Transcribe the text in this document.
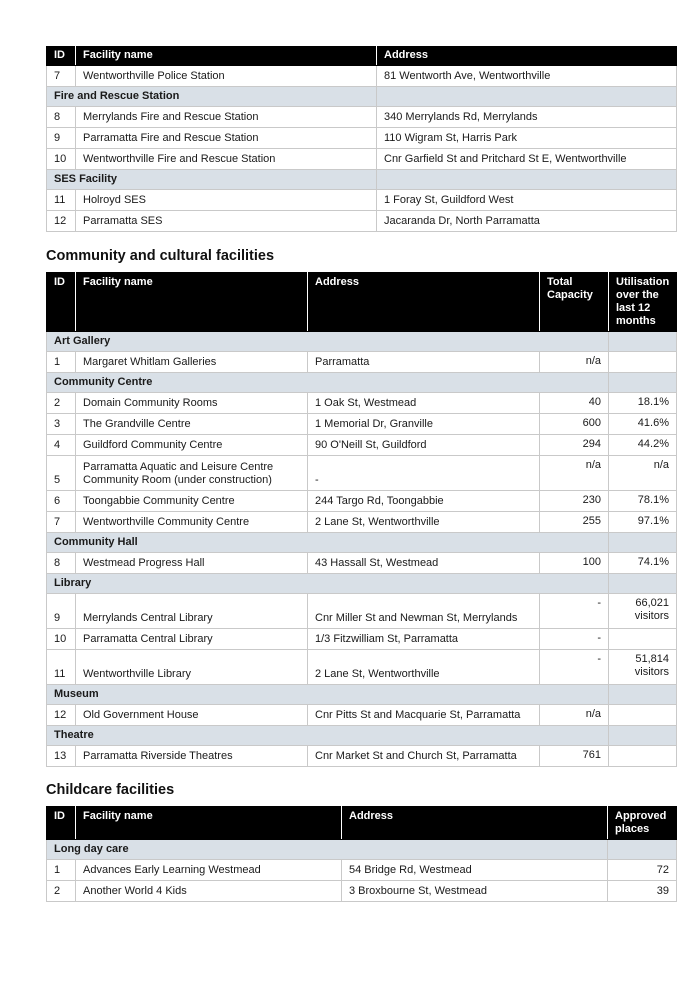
ID	Facility name	Address
7	Wentworthville Police Station	81 Wentworth Ave, Wentworthville
Fire and Rescue Station		
8	Merrylands Fire and Rescue Station	340 Merrylands Rd, Merrylands
9	Parramatta Fire and Rescue Station	110 Wigram St, Harris Park
10	Wentworthville Fire and Rescue Station	Cnr Garfield St and Pritchard St E, Wentworthville
SES Facility		
11	Holroyd SES	1 Foray St, Guildford West
12	Parramatta SES	Jacaranda Dr, North Parramatta
Community and cultural facilities
ID	Facility name	Address	Total Capacity	Utilisation over the last 12 months
Art Gallery				
1	Margaret Whitlam Galleries	Parramatta	n/a	
Community Centre				
2	Domain Community Rooms	1 Oak St, Westmead	40	18.1%
3	The Grandville Centre	1 Memorial Dr, Granville	600	41.6%
4	Guildford Community Centre	90 O'Neill St, Guildford	294	44.2%
5	Parramatta Aquatic and Leisure Centre Community Room (under construction)	-	n/a	n/a
6	Toongabbie Community Centre	244 Targo Rd, Toongabbie	230	78.1%
7	Wentworthville Community Centre	2 Lane St, Wentworthville	255	97.1%
Community Hall				
8	Westmead Progress Hall	43 Hassall St, Westmead	100	74.1%
Library				
9	Merrylands Central Library	Cnr Miller St and Newman St, Merrylands	-	66,021 visitors
10	Parramatta Central Library	1/3 Fitzwilliam St, Parramatta	-	
11	Wentworthville Library	2 Lane St, Wentworthville	-	51,814 visitors
Museum				
12	Old Government House	Cnr Pitts St and Macquarie St, Parramatta	n/a	
Theatre				
13	Parramatta Riverside Theatres	Cnr Market St and Church St, Parramatta	761	
Childcare facilities
ID	Facility name	Address	Approved places
Long day care			
1	Advances Early Learning Westmead	54 Bridge Rd, Westmead	72
2	Another World 4 Kids	3 Broxbourne St, Westmead	39
